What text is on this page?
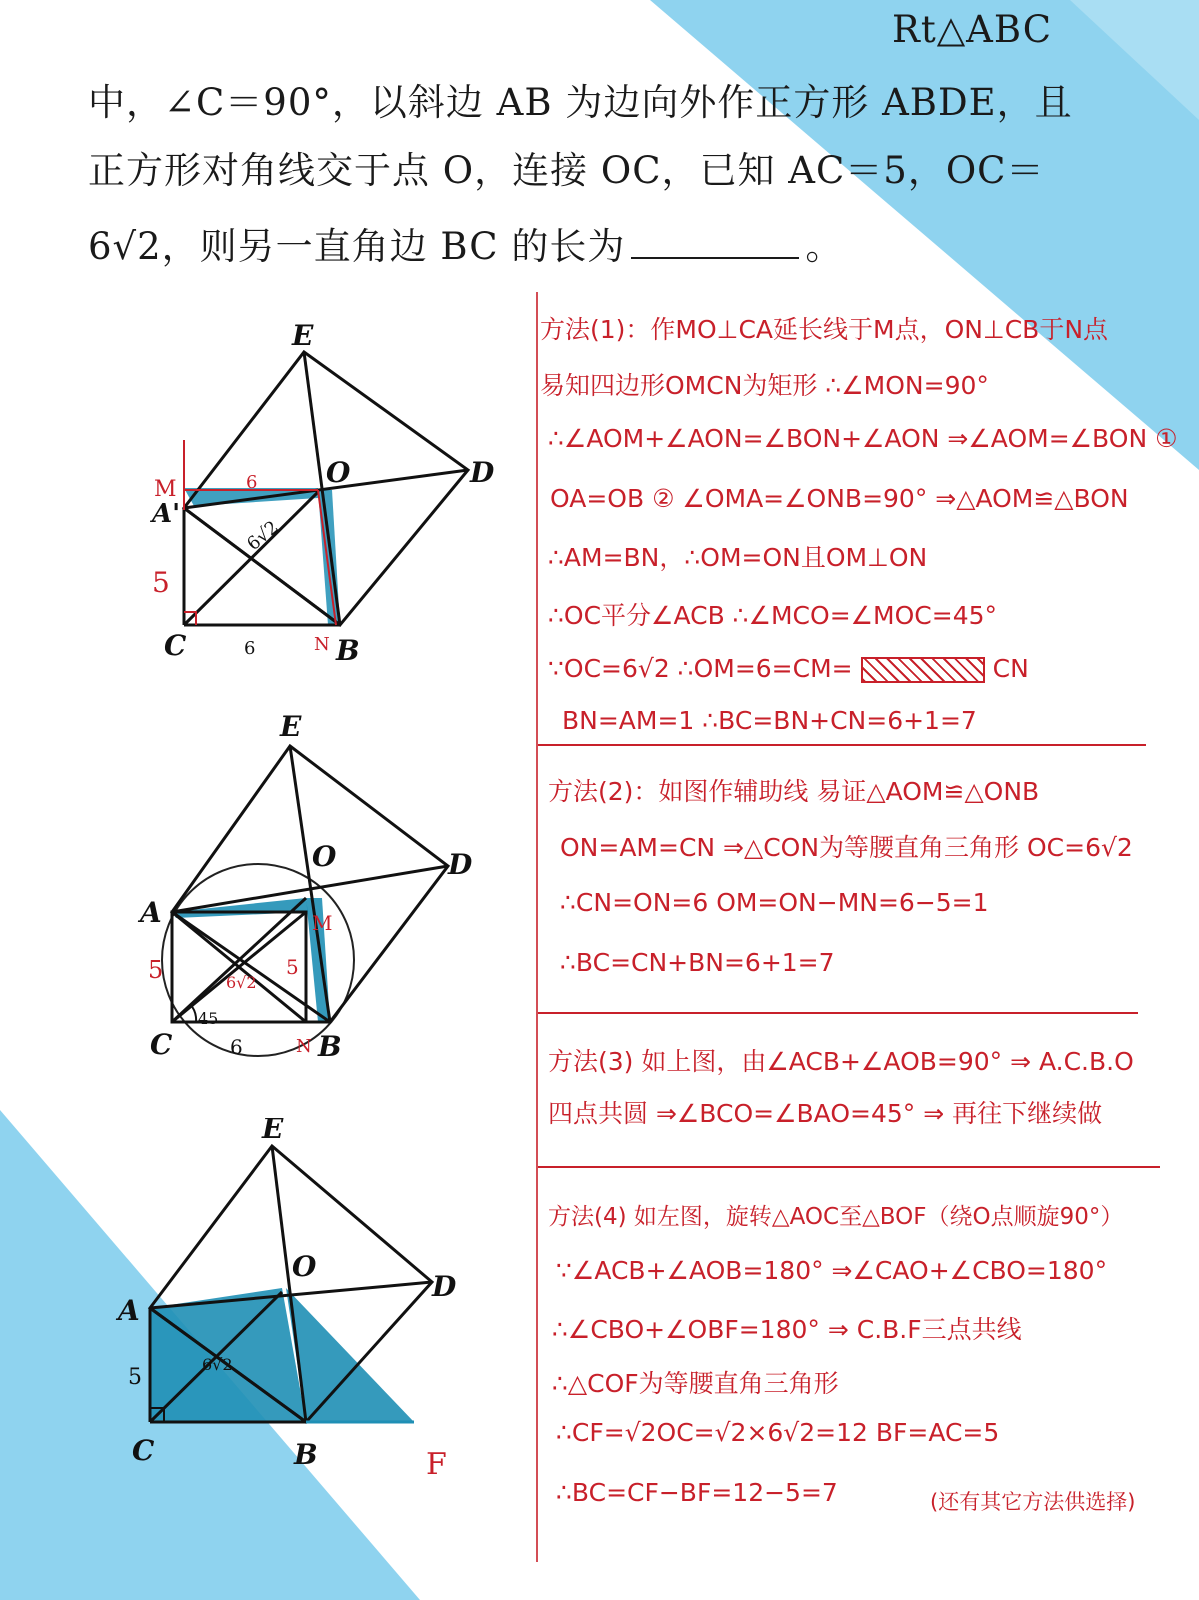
Rt△ABC
中，∠C＝90°，以斜边 AB 为边向外作正方形 ABDE，且
正方形对角线交于点 O，连接 OC，已知 AC＝5，OC＝
6√2，则另一直角边 BC 的长为	。
E
O	D
A'
C	B
M
N
6
6
5
6√2
E
O	D
A
C	B
M
N
5	5
6
6√2
45
E
O
D
A
C	B	F
5
6√2
方法(1)：作MO⊥CA延长线于M点，ON⊥CB于N点
易知四边形OMCN为矩形 ∴∠MON=90°
∴∠AOM+∠AON=∠BON+∠AON ⇒∠AOM=∠BON ①
OA=OB ② ∠OMA=∠ONB=90° ⇒△AOM≌△BON
∴AM=BN，∴OM=ON且OM⊥ON
∴OC平分∠ACB ∴∠MCO=∠MOC=45°
∵OC=6√2 ∴OM=6=CM=	CN
BN=AM=1 ∴BC=BN+CN=6+1=7
方法(2)：如图作辅助线 易证△AOM≌△ONB
ON=AM=CN ⇒△CON为等腰直角三角形 OC=6√2
∴CN=ON=6 OM=ON−MN=6−5=1
∴BC=CN+BN=6+1=7
方法(3) 如上图，由∠ACB+∠AOB=90° ⇒ A.C.B.O
四点共圆 ⇒∠BCO=∠BAO=45° ⇒ 再往下继续做
方法(4) 如左图，旋转△AOC至△BOF（绕O点顺旋90°）
∵∠ACB+∠AOB=180° ⇒∠CAO+∠CBO=180°
∴∠CBO+∠OBF=180° ⇒ C.B.F三点共线
∴△COF为等腰直角三角形
∴CF=√2OC=√2×6√2=12 BF=AC=5
∴BC=CF−BF=12−5=7	(还有其它方法供选择)
